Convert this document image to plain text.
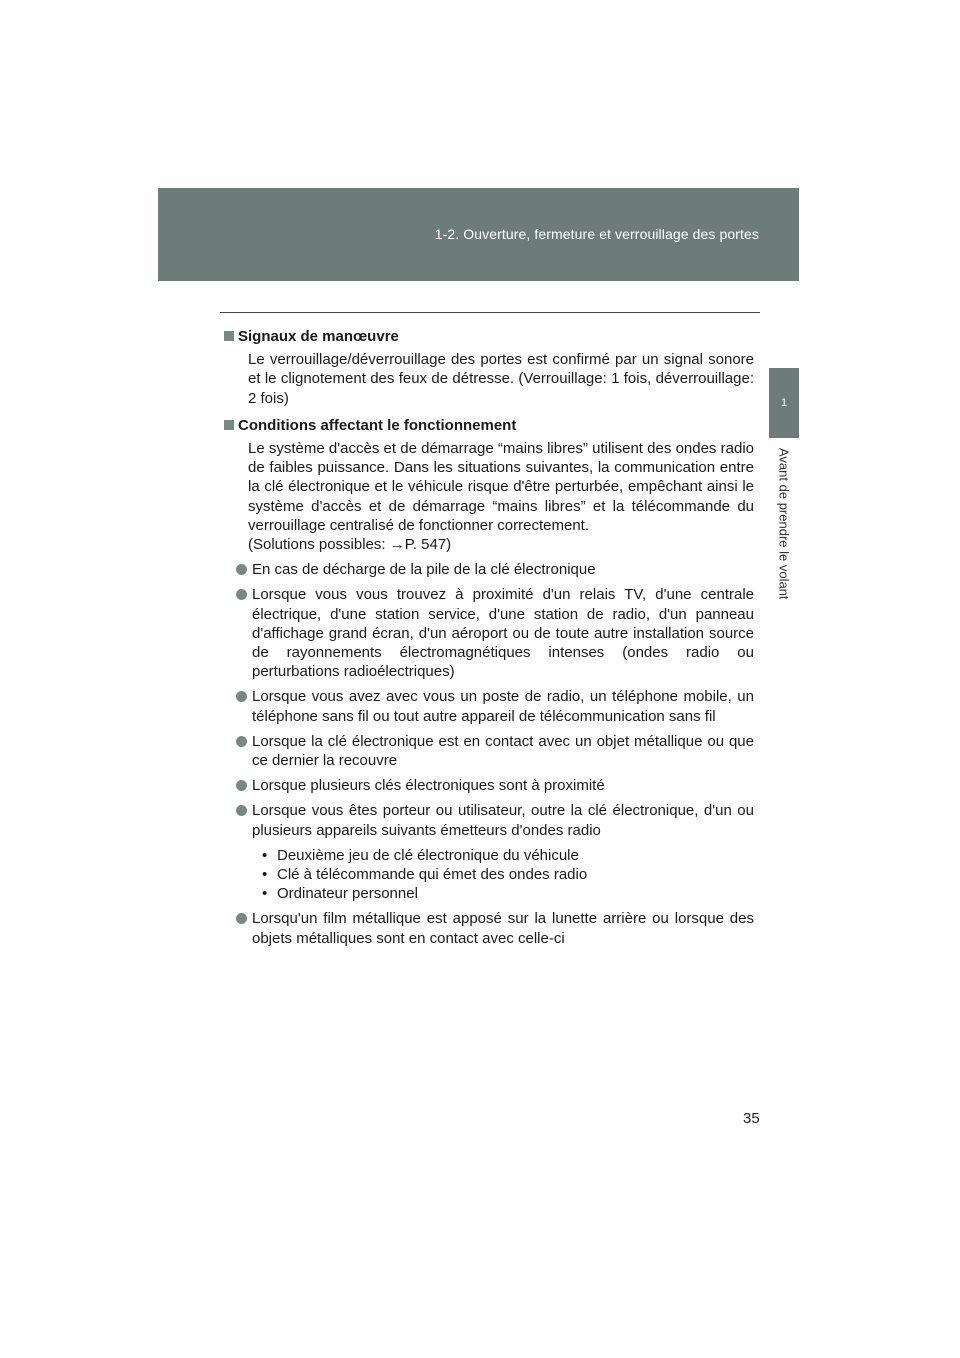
1-2. Ouverture, fermeture et verrouillage des portes
1
Avant de prendre le volant
Signaux de manœuvre

Le verrouillage/déverrouillage des portes est confirmé par un signal sonore et le clignotement des feux de détresse. (Verrouillage: 1 fois, déverrouillage: 2 fois)

Conditions affectant le fonctionnement

Le système d'accès et de démarrage “mains libres” utilisent des ondes radio de faibles puissance. Dans les situations suivantes, la communication entre la clé électronique et le véhicule risque d'être perturbée, empêchant ainsi le système d'accès et de démarrage “mains libres” et la télécommande du verrouillage centralisé de fonctionner correctement.

(Solutions possibles: →P. 547)

En cas de décharge de la pile de la clé électronique
Lorsque vous vous trouvez à proximité d'un relais TV, d'une centrale électrique, d'une station service, d'une station de radio, d'un panneau d'affichage grand écran, d'un aéroport ou de toute autre installation source de rayonnements électromagnétiques intenses (ondes radio ou perturbations radioélectriques)
Lorsque vous avez avec vous un poste de radio, un téléphone mobile, un téléphone sans fil ou tout autre appareil de télécommunication sans fil
Lorsque la clé électronique est en contact avec un objet métallique ou que ce dernier la recouvre
Lorsque plusieurs clés électroniques sont à proximité
Lorsque vous êtes porteur ou utilisateur, outre la clé électronique, d'un ou plusieurs appareils suivants émetteurs d'ondes radio
• Deuxième jeu de clé électronique du véhicule
• Clé à télécommande qui émet des ondes radio
• Ordinateur personnel
Lorsqu'un film métallique est apposé sur la lunette arrière ou lorsque des objets métalliques sont en contact avec celle-ci
35
